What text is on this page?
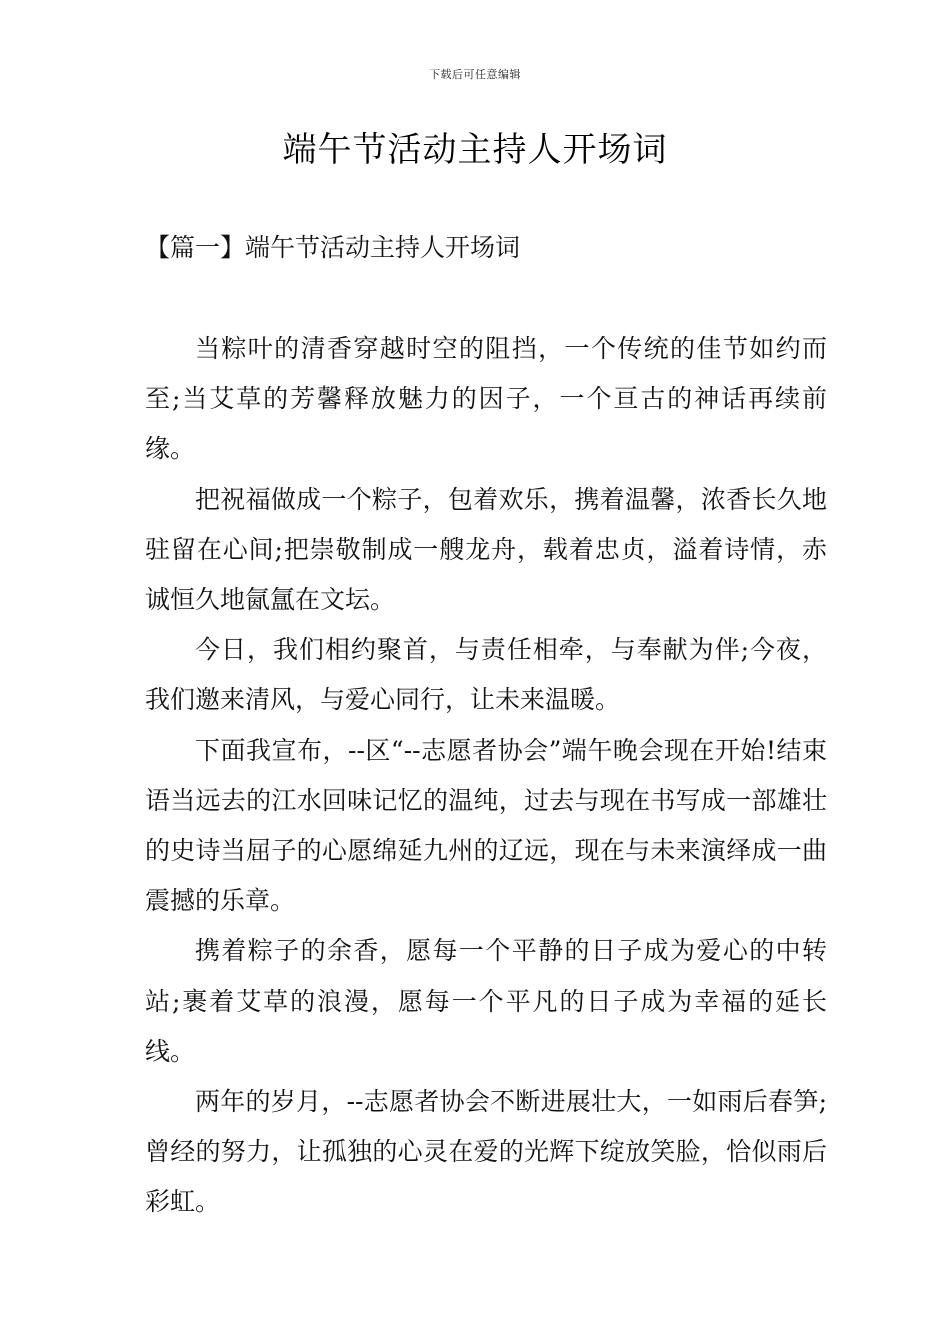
下载后可任意编辑
端午节活动主持人开场词
【篇一】端午节活动主持人开场词

当粽叶的清香穿越时空的阻挡，一个传统的佳节如约而至;当艾草的芳馨释放魅力的因子，一个亘古的神话再续前缘。

把祝福做成一个粽子，包着欢乐，携着温馨，浓香长久地驻留在心间;把崇敬制成一艘龙舟，载着忠贞，溢着诗情，赤诚恒久地氤氲在文坛。

今日，我们相约聚首，与责任相牵，与奉献为伴;今夜，我们邀来清风，与爱心同行，让未来温暖。

下面我宣布，--区“--志愿者协会”端午晚会现在开始!结束语当远去的江水回味记忆的温纯，过去与现在书写成一部雄壮的史诗当屈子的心愿绵延九州的辽远，现在与未来演绎成一曲震撼的乐章。

携着粽子的余香，愿每一个平静的日子成为爱心的中转站;裹着艾草的浪漫，愿每一个平凡的日子成为幸福的延长线。

两年的岁月，--志愿者协会不断进展壮大，一如雨后春笋;曾经的努力，让孤独的心灵在爱的光辉下绽放笑脸，恰似雨后彩虹。
